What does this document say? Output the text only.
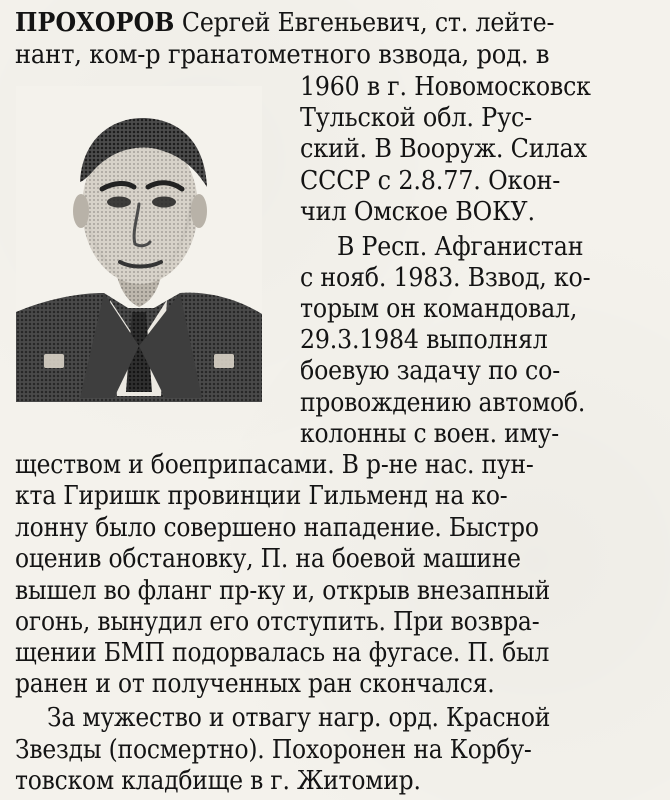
ПРОХОРОВ Сергей Евгеньевич, ст. лейте-
нант, ком-р гранатометного взвода, род. в
1960 в г. Новомосковск
Тульской обл. Рус-
ский. В Вооруж. Силах
СССР с 2.8.77. Окон-
чил Омское ВОКУ.
В Респ. Афганистан
с нояб. 1983. Взвод, ко-
торым он командовал,
29.3.1984 выполнял
боевую задачу по со-
провождению автомоб.
колонны с воен. иму-
ществом и боеприпасами. В р-не нас. пун-
кта Гиришк провинции Гильменд на ко-
лонну было совершено нападение. Быстро
оценив обстановку, П. на боевой машине
вышел во фланг пр-ку и, открыв внезапный
огонь, вынудил его отступить. При возвра-
щении БМП подорвалась на фугасе. П. был
ранен и от полученных ран скончался.
За мужество и отвагу нагр. орд. Красной
Звезды (посмертно). Похоронен на Корбу-
товском кладбище в г. Житомир.
